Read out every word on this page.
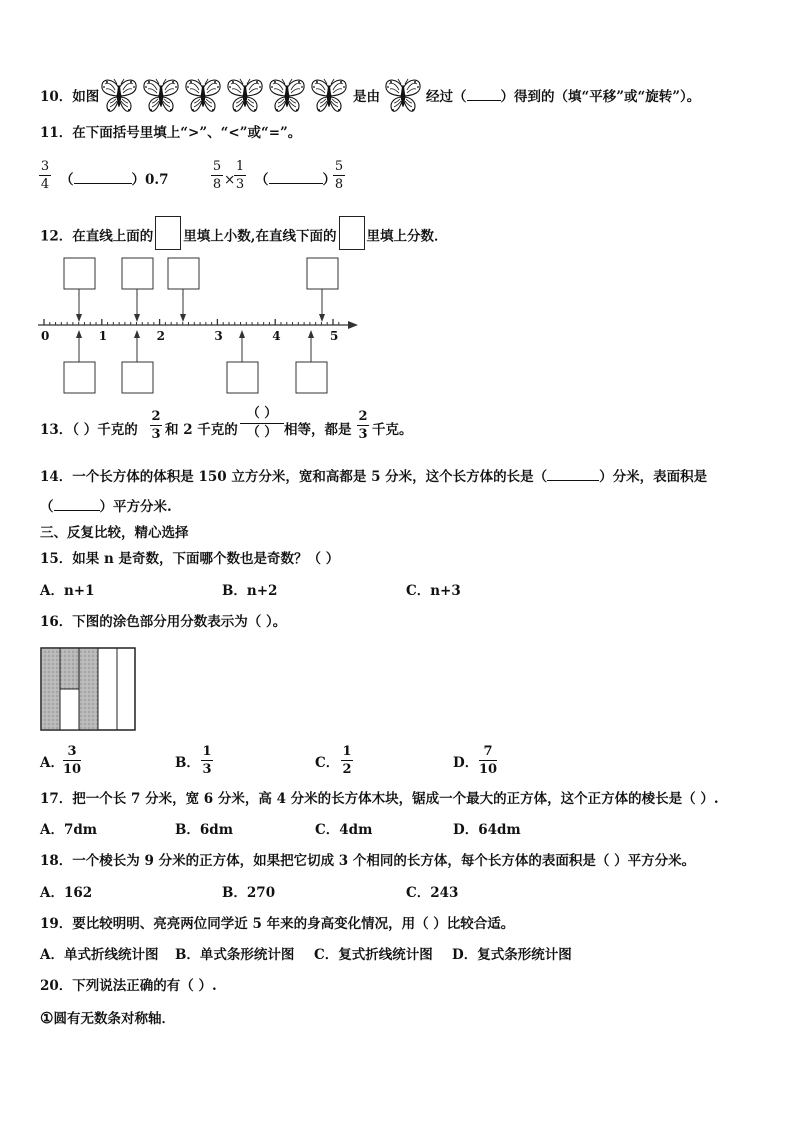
10．如图	是由	经过（	）得到的（填“平移”或“旋转”）。
11．在下面括号里填上“>”、“<”或“=”。
3
4 （	）0.7
5
8 ×
1
3 （	）
5
8
12．在直线上面的 里填上小数,在直线下面的 里填上分数．
0	1	2	3	4	5
13．（ ）千克的
2
3 和 2 千克的
（ ）
（ ） 相等，都是
2
3 千克。
14．一个长方体的体积是 150 立方分米，宽和高都是 5 分米，这个长方体的长是（	）分米，表面积是
（	）平方分米.
三、反复比较，精心选择
15．如果 n 是奇数，下面哪个数也是奇数？（ ）
A．n+1	B．n+2	C．n+3
16．下图的涂色部分用分数表示为（ ）。
A．
3
10	B．
1
3	C．
1
2	D．
7
10
17．把一个长 7 分米，宽 6 分米，高 4 分米的长方体木块，锯成一个最大的正方体，这个正方体的棱长是（ ）.
A．7dm	B．6dm	C．4dm	D．64dm
18．一个棱长为 9 分米的正方体，如果把它切成 3 个相同的长方体，每个长方体的表面积是（ ）平方分米。
A．162	B．270	C．243
19．要比较明明、亮亮两位同学近 5 年来的身高变化情况，用（ ）比较合适。
A．单式折线统计图 B．单式条形统计图 C．复式折线统计图 D．复式条形统计图
20．下列说法正确的有（ ）.
①圆有无数条对称轴．
